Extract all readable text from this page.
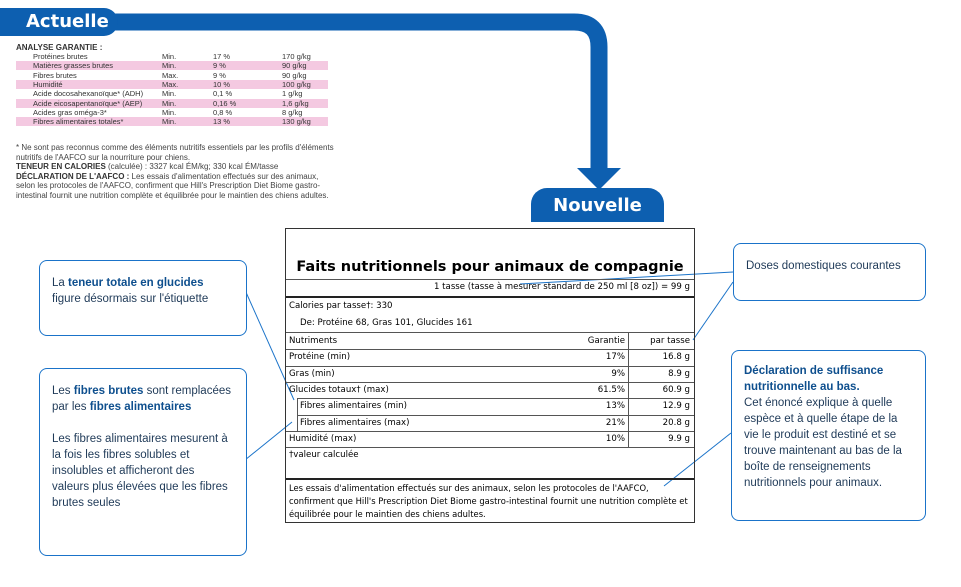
Actuelle
Nouvelle
ANALYSE GARANTIE :
Protéines brutes	Min.	17 %	170 g/kg
Matières grasses brutes	Min.	9 %	90 g/kg
Fibres brutes	Max.	9 %	90 g/kg
Humidité	Max.	10 %	100 g/kg
Acide docosahexanoïque* (ADH)	Min.	0,1 %	1 g/kg
Acide eicosapentanoïque* (AEP)	Min.	0,16 %	1,6 g/kg
Acides gras oméga-3*	Min.	0,8 %	8 g/kg
Fibres alimentaires totales*	Min.	13 %	130 g/kg

* Ne sont pas reconnus comme des éléments nutritifs essentiels par les profils d'éléments nutritifs de l'AAFCO sur la nourriture pour chiens.

TENEUR EN CALORIES (calculée) : 3327 kcal ÉM/kg; 330 kcal ÉM/tasse

DÉCLARATION DE L'AAFCO : Les essais d'alimentation effectués sur des animaux, selon les protocoles de l'AAFCO, confirment que Hill's Prescription Diet Biome gastro-intestinal fournit une nutrition complète et équilibrée pour le maintien des chiens adultes.

Faits nutritionnels pour animaux de compagnie
1 tasse (tasse à mesurer standard de 250 ml [8 oz]) = 99 g
Calories par tasse†: 330
De: Protéine 68, Gras 101, Glucides 161
Nutriments	Garantie	par tasse
Protéine (min)	17%	16.8 g
Gras (min)	9%	8.9 g
Glucides totaux† (max)	61.5%	60.9 g
Fibres alimentaires (min)	13%	12.9 g
Fibres alimentaires (max)	21%	20.8 g
Humidité (max)	10%	9.9 g
†valeur calculée
Les essais d'alimentation effectués sur des animaux, selon les protocoles de l'AAFCO, confirment que Hill's Prescription Diet Biome gastro-intestinal fournit une nutrition complète et équilibrée pour le maintien des chiens adultes.

La teneur totale en glucides figure désormais sur l'étiquette

Les fibres brutes sont remplacées par les fibres alimentaires

Les fibres alimentaires mesurent à la fois les fibres solubles et insolubles et afficheront des valeurs plus élevées que les fibres brutes seules

Doses domestiques courantes

Déclaration de suffisance nutritionnelle au bas.

Cet énoncé explique à quelle espèce et à quelle étape de la vie le produit est destiné et se trouve maintenant au bas de la boîte de renseignements nutritionnels pour animaux.
